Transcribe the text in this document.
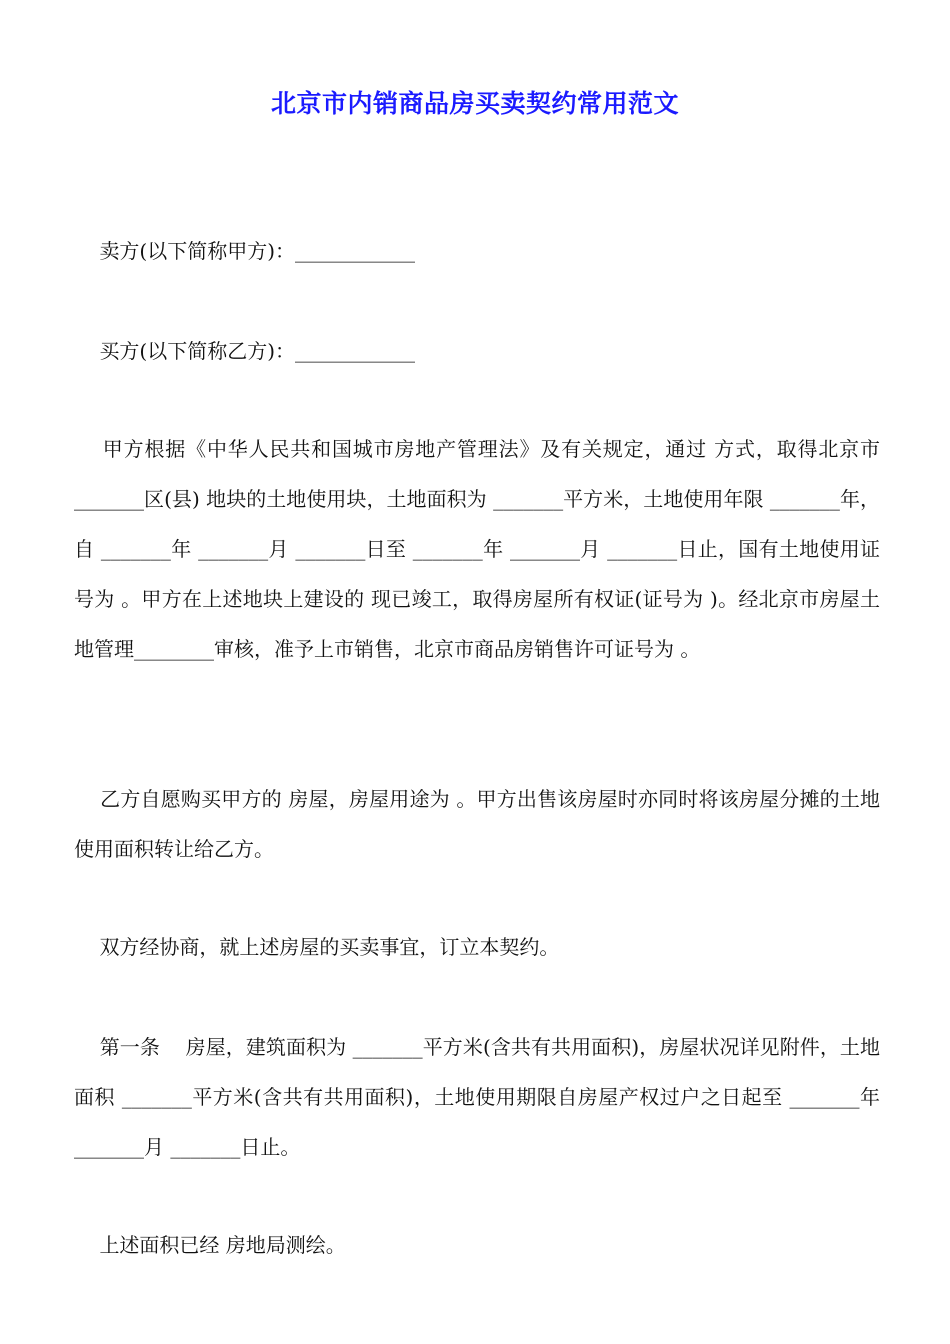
北京市内销商品房买卖契约常用范文
卖方(以下简称甲方)：____________
买方(以下简称乙方)：____________
甲方根据《中华人民共和国城市房地产管理法》及有关规定，通过 方式，取得北京市 _______区(县) 地块的土地使用块，土地面积为 _______平方米，土地使用年限 _______年，自 _______年 _______月 _______日至 _______年 _______月 _______日止，国有土地使用证号为 。甲方在上述地块上建设的 现已竣工，取得房屋所有权证(证号为 )。经北京市房屋土地管理________审核，准予上市销售，北京市商品房销售许可证号为 。
乙方自愿购买甲方的 房屋，房屋用途为 。甲方出售该房屋时亦同时将该房屋分摊的土地使用面积转让给乙方。
双方经协商，就上述房屋的买卖事宜，订立本契约。
第一条    房屋，建筑面积为 _______平方米(含共有共用面积)，房屋状况详见附件，土地面积 _______平方米(含共有共用面积)，土地使用期限自房屋产权过户之日起至 _______年 _______月 _______日止。
上述面积已经 房地局测绘。
